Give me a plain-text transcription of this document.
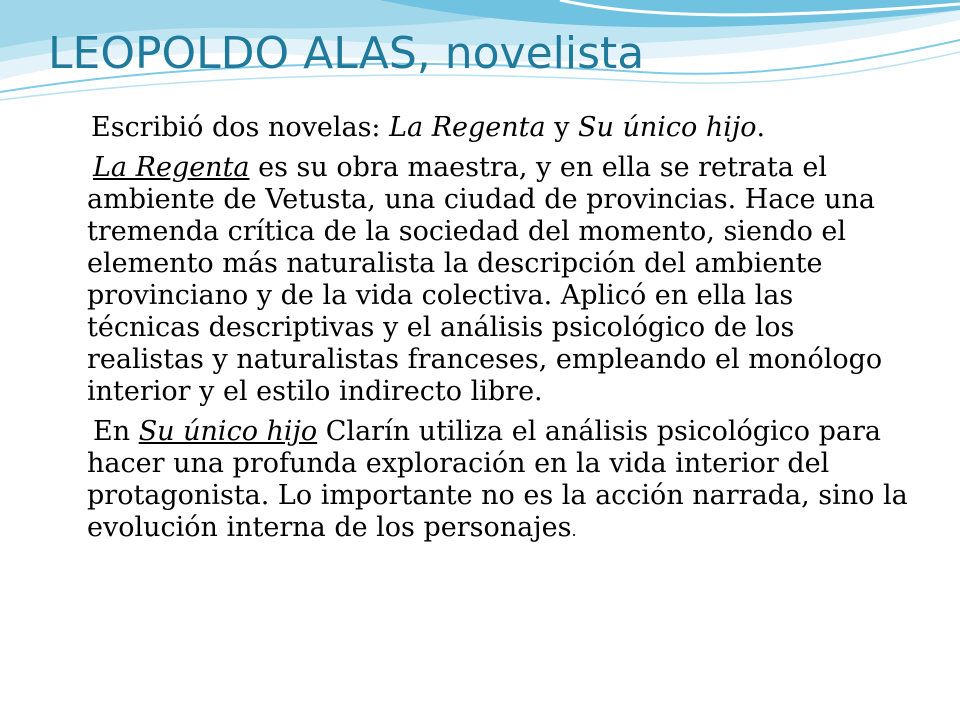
LEOPOLDO ALAS, novelista

Escribió dos novelas: La Regenta y Su único hijo.

La Regenta es su obra maestra, y en ella se retrata el ambiente de Vetusta, una ciudad de provincias. Hace una tremenda crítica de la sociedad del momento, siendo el elemento más naturalista la descripción del ambiente provinciano y de la vida colectiva. Aplicó en ella las técnicas descriptivas y el análisis psicológico de los realistas y naturalistas franceses, empleando el monólogo interior y el estilo indirecto libre.

En Su único hijo Clarín utiliza el análisis psicológico para hacer una profunda exploración en la vida interior del protagonista. Lo importante no es la acción narrada, sino la evolución interna de los personajes.
